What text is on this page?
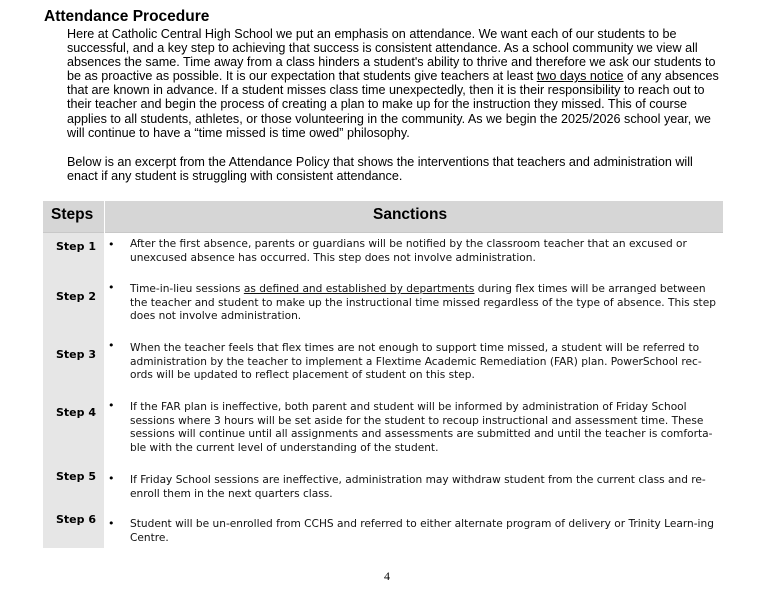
Attendance Procedure
Here at Catholic Central High School we put an emphasis on attendance. We want each of our students to be successful, and a key step to achieving that success is consistent attendance. As a school community we view all absences the same. Time away from a class hinders a student's ability to thrive and therefore we ask our students to be as proactive as possible. It is our expectation that students give teachers at least two days notice of any absences that are known in advance. If a student misses class time unexpectedly, then it is their responsibility to reach out to their teacher and begin the process of creating a plan to make up for the instruction they missed. This of course applies to all students, athletes, or those volunteering in the community. As we begin the 2025/2026 school year, we will continue to have a “time missed is time owed” philosophy.
Below is an excerpt from the Attendance Policy that shows the interventions that teachers and administration will enact if any student is struggling with consistent attendance.
Steps	Sanctions
Step 1 • After the first absence, parents or guardians will be notified by the classroom teacher that an excused or unexcused absence has occurred. This step does not involve administration.
Step 2
• Time-in-lieu sessions as defined and established by departments during flex times will be arranged between the teacher and student to make up the instructional time missed regardless of the type of absence. This step does not involve administration.
Step 3
• When the teacher feels that flex times are not enough to support time missed, a student will be referred to administration by the teacher to implement a Flextime Academic Remediation (FAR) plan. PowerSchool rec-ords will be updated to reflect placement of student on this step.
Step 4
• If the FAR plan is ineffective, both parent and student will be informed by administration of Friday School sessions where 3 hours will be set aside for the student to recoup instructional and assessment time. These sessions will continue until all assignments and assessments are submitted and until the teacher is comforta-ble with the current level of understanding of the student.
Step 5 • If Friday School sessions are ineffective, administration may withdraw student from the current class and re-enroll them in the next quarters class.
Step 6 • Student will be un-enrolled from CCHS and referred to either alternate program of delivery or Trinity Learn-ing Centre.
4
